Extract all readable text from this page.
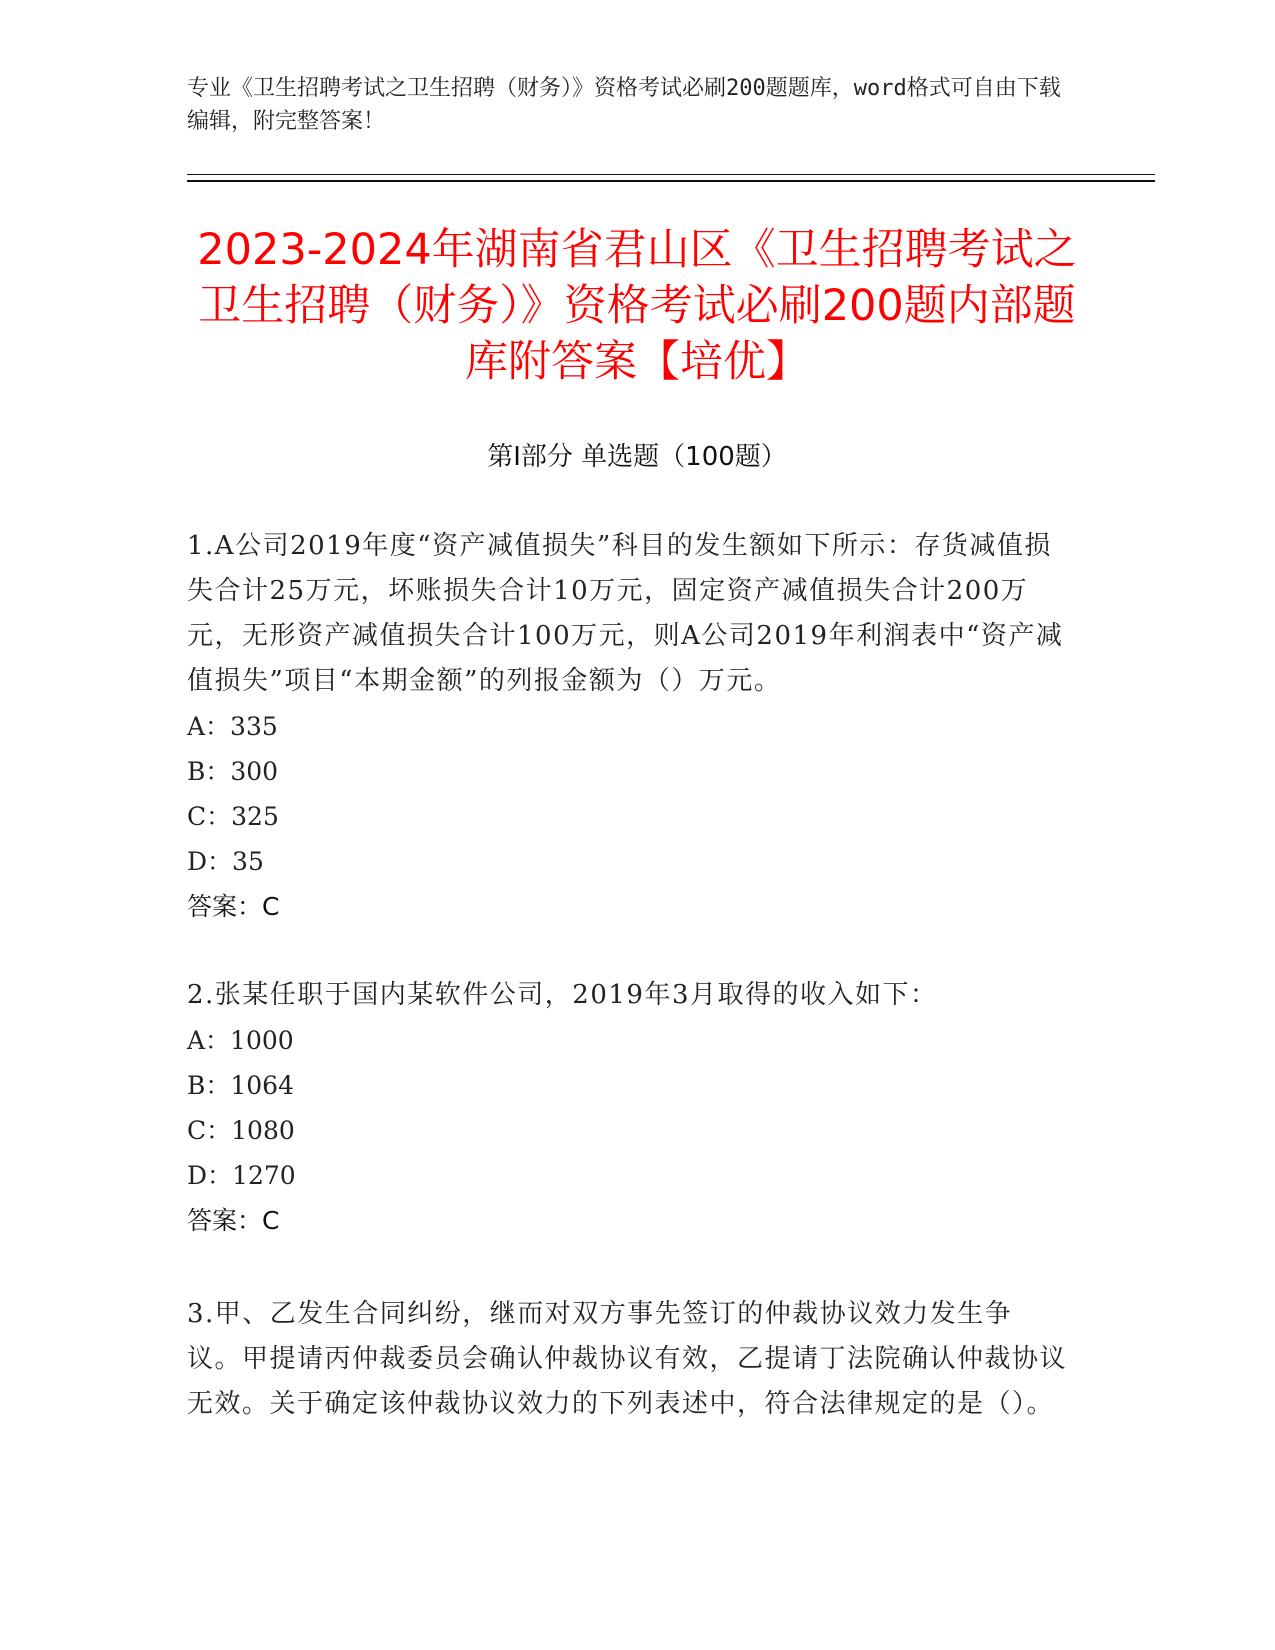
专业《卫生招聘考试之卫生招聘（财务）》资格考试必刷200题题库，word格式可自由下载编辑，附完整答案！
2023-2024年湖南省君山区《卫生招聘考试之卫生招聘（财务）》资格考试必刷200题内部题库附答案【培优】
第Ⅰ部分 单选题（100题）

1.A公司2019年度“资产减值损失”科目的发生额如下所示：存货减值损失合计25万元，坏账损失合计10万元，固定资产减值损失合计200万元，无形资产减值损失合计100万元，则A公司2019年利润表中“资产减值损失”项目“本期金额”的列报金额为（）万元。

A：335

B：300

C：325

D：35

答案：C

2.张某任职于国内某软件公司，2019年3月取得的收入如下：

A：1000

B：1064

C：1080

D：1270

答案：C

3.甲、乙发生合同纠纷，继而对双方事先签订的仲裁协议效力发生争议。甲提请丙仲裁委员会确认仲裁协议有效，乙提请丁法院确认仲裁协议无效。关于确定该仲裁协议效力的下列表述中，符合法律规定的是（）。
